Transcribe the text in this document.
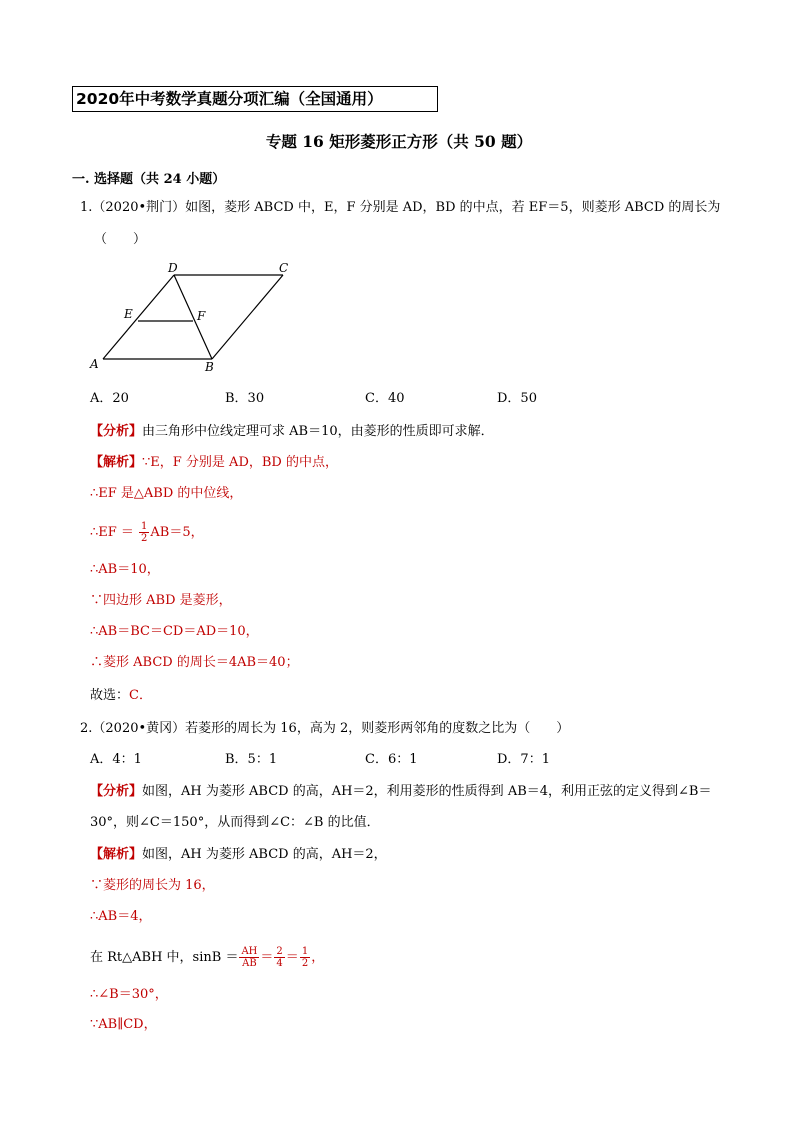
2020年中考数学真题分项汇编（全国通用）
专题 16 矩形菱形正方形（共 50 题）
一. 选择题（共 24 小题）
1.（2020•荆门）如图，菱形 ABCD 中，E，F 分别是 AD，BD 的中点，若 EF＝5，则菱形 ABCD 的周长为
（　　）
A	B
C
D
E	F
A．20	B．30	C．40	D．50
【分析】由三角形中位线定理可求 AB＝10，由菱形的性质即可求解．
【解析】∵E，F 分别是 AD，BD 的中点，
∴EF 是△ABD 的中位线，
∴EF ＝ $\frac{1}{2} AB=5$，
∴AB＝10，
∵四边形 ABD 是菱形，
∴AB＝BC＝CD＝AD＝10，
∴菱形 ABCD 的周长＝4AB＝40；
故选：C．
2.（2020•黄冈）若菱形的周长为 16，高为 2，则菱形两邻角的度数之比为（　　）
A．4：1	B．5：1	C．6：1	D．7：1
【分析】如图，AH 为菱形 ABCD 的高，AH＝2，利用菱形的性质得到 AB＝4，利用正弦的定义得到∠B＝
30°，则∠C＝150°，从而得到∠C：∠B 的比值．
【解析】如图，AH 为菱形 ABCD 的高，AH＝2，
∵菱形的周长为 16，
∴AB＝4，
在 Rt△ABH 中，$\sin B = \frac{AH}{AB} = \frac{2}{4} = \frac{1}{2}$ ，
∴∠B＝30°，
∵AB∥CD，
